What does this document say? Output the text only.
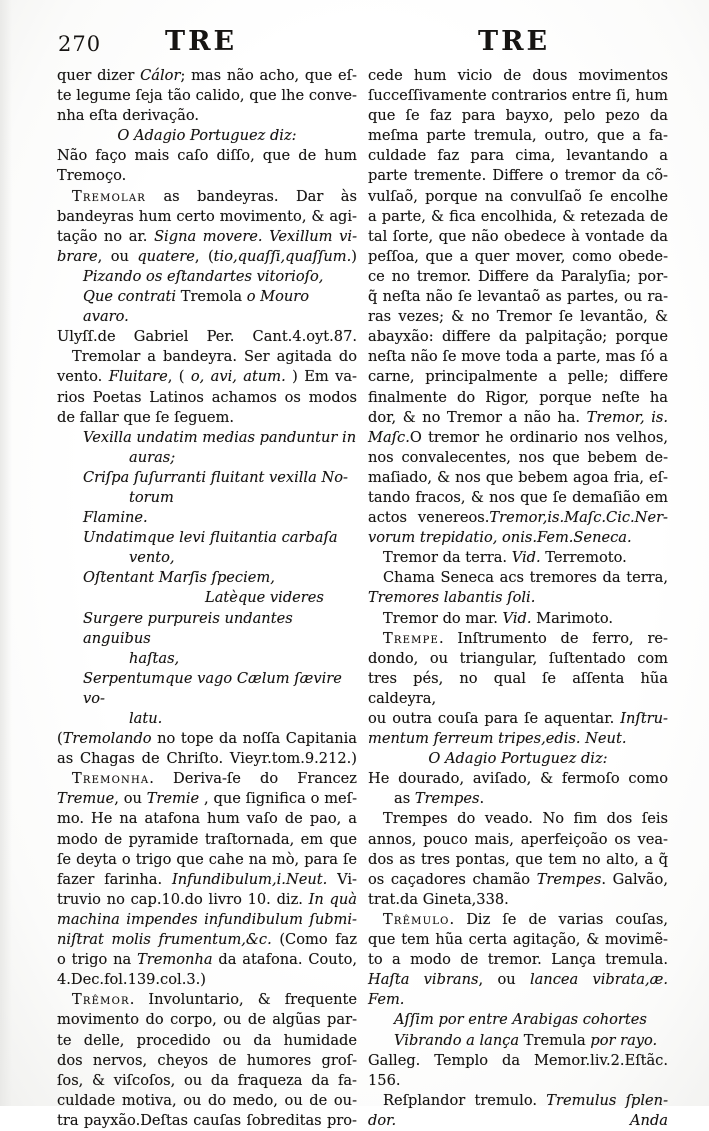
270 TRE	TRE
quer dizer Cálor; mas não acho, que eſ-
te legume ſeja tão calido, que lhe conve-
nha eſta derivação.
O Adagio Portuguez diz:
Não faço mais caſo diſſo, que de hum
Tremoço.
Tremolar as bandeyras. Dar às
bandeyras hum certo movimento, & agi-
tação no ar. Signa movere. Vexillum vi-
brare, ou quatere, (tio,quaſſi,quaſſum.)
Pizando os eſtandartes vitorioſo,
Que contrati Tremola o Mouro avaro.
Ulyſſ.de Gabriel Per. Cant.4.oyt.87.
Tremolar a bandeyra. Ser agitada do
vento. Fluitare, ( o, avi, atum. ) Em va-
rios Poetas Latinos achamos os modos
de fallar que ſe ſeguem.
Vexilla undatim medias panduntur in
auras;
Criſpa ſuſurranti fluitant vexilla No-
torum
Flamine.
Undatimque levi fluitantia carbaſa
vento,
Oſtentant Marſis ſpeciem,
Latèque videres
Surgere purpureis undantes anguibus
haſtas,
Serpentumque vago Cælum ſævire vo-
latu.
(Tremolando no tope da noſſa Capitania
as Chagas de Chriſto. Vieyr.tom.9.212.)
Tremonha. Deriva-ſe do Francez
Tremue, ou Tremie , que ſignifica o meſ-
mo. He na atafona hum vaſo de pao, a
modo de pyramide traſtornada, em que
ſe deyta o trigo que cahe na mò, para ſe
fazer farinha. Infundibulum,i.Neut. Vi-
truvio no cap.10.do livro 10. diz. In quà
machina impendes infundibulum ſubmi-
niſtrat molis frumentum,&c. (Como faz
o trigo na Tremonha da atafona. Couto,
4.Dec.fol.139.col.3.)
Trêmor. Involuntario, & frequente
movimento do corpo, ou de algũas par-
te delle, procedido ou da humidade
dos nervos, cheyos de humores groſ-
ſos, & viſcoſos, ou da fraqueza da fa-
culdade motiva, ou do medo, ou de ou-
tra payxão.Deſtas cauſas ſobreditas pro-
cede hum vicio de dous movimentos
ſucceſſivamente contrarios entre ſi, hum
que ſe faz para bayxo, pelo pezo da
meſma parte tremula, outro, que a fa-
culdade faz para cima, levantando a
parte tremente. Differe o tremor da cõ-
vulſaõ, porque na convulſaõ ſe encolhe
a parte, & fica encolhida, & retezada de
tal ſorte, que não obedece à vontade da
peſſoa, que a quer mover, como obede-
ce no tremor. Differe da Paralyſia; por-
q̃ neſta não ſe levantaõ as partes, ou ra-
ras vezes; & no Tremor ſe levantão, &
abayxão: differe da palpitação; porque
neſta não ſe move toda a parte, mas ſó a
carne, principalmente a pelle; differe
finalmente do Rigor, porque neſte ha
dor, & no Tremor a não ha. Tremor, is.
Maſc.O tremor he ordinario nos velhos,
nos convalecentes, nos que bebem de-
maſiado, & nos que bebem agoa fria, eſ-
tando fracos, & nos que ſe demaſião em
actos venereos.Tremor,is.Maſc.Cic.Ner-
vorum trepidatio, onis.Fem.Seneca.
Tremor da terra. Vid. Terremoto.
Chama Seneca acs tremores da terra,
Tremores labantis ſoli.
Tremor do mar. Vid. Marimoto.
Trempe. Inſtrumento de ferro, re-
dondo, ou triangular, ſuſtentado com
tres pés, no qual ſe aſſenta hũa caldeyra,
ou outra couſa para ſe aquentar. Inſtru-
mentum ferreum tripes,edis. Neut.
O Adagio Portuguez diz:
He dourado, aviſado, & fermoſo como
as Trempes.
Trempes do veado. No fim dos ſeis
annos, pouco mais, aperfeiçoão os vea-
dos as tres pontas, que tem no alto, a q̃
os caçadores chamão Trempes. Galvão,
trat.da Gineta,338.
Trêmulo. Diz ſe de varias couſas,
que tem hũa certa agitação, & movimẽ-
to a modo de tremor. Lança tremula.
Haſta vibrans, ou lancea vibrata,æ. Fem.
Aſſim por entre Arabigas cohortes
Vibrando a lança Tremula por rayo.
Galleg. Templo da Memor.liv.2.Eſtãc.
156.
Reſplandor tremulo. Tremulus ſplen-
dor.	Anda
